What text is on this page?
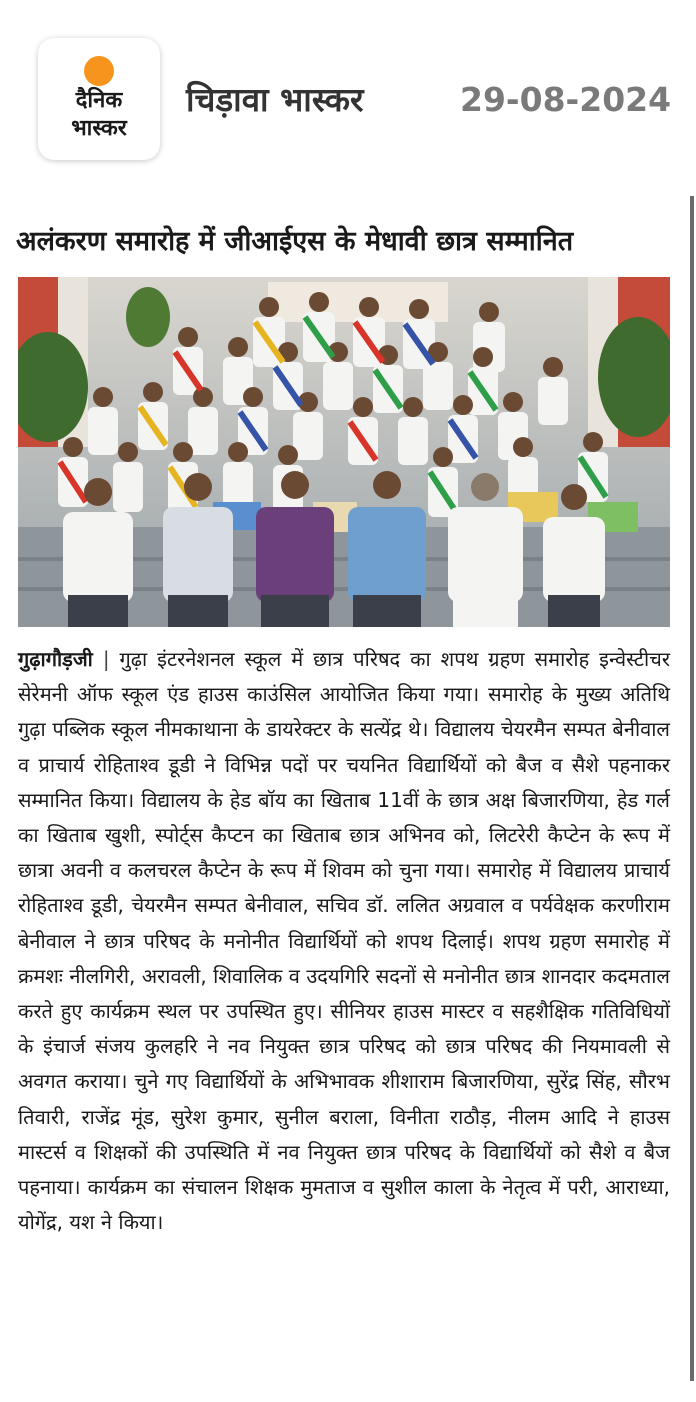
दैनिक
भास्कर
चिड़ावा भास्कर	29-08-2024
अलंकरण समारोह में जीआईएस के मेधावी छात्र सम्मानित
गुढ़ागौड़जी | गुढ़ा इंटरनेशनल स्कूल में छात्र परिषद का शपथ ग्रहण समारोह इन्वेस्टीचर सेरेमनी ऑफ स्कूल एंड हाउस काउंसिल आयोजित किया गया। समारोह के मुख्य अतिथि गुढ़ा पब्लिक स्कूल नीमकाथाना के डायरेक्टर के सत्येंद्र थे। विद्यालय चेयरमैन सम्पत बेनीवाल व प्राचार्य रोहिताश्व डूडी ने विभिन्न पदों पर चयनित विद्यार्थियों को बैज व सैशे पहनाकर सम्मानित किया। विद्यालय के हेड बॉय का खिताब 11वीं के छात्र अक्ष बिजारणिया, हेड गर्ल का खिताब खुशी, स्पोर्ट्स कैप्टन का खिताब छात्र अभिनव को, लिटरेरी कैप्टेन के रूप में छात्रा अवनी व कलचरल कैप्टेन के रूप में शिवम को चुना गया। समारोह में विद्यालय प्राचार्य रोहिताश्व डूडी, चेयरमैन सम्पत बेनीवाल, सचिव डॉ. ललित अग्रवाल व पर्यवेक्षक करणीराम बेनीवाल ने छात्र परिषद के मनोनीत विद्यार्थियों को शपथ दिलाई। शपथ ग्रहण समारोह में क्रमशः नीलगिरी, अरावली, शिवालिक व उदयगिरि सदनों से मनोनीत छात्र शानदार कदमताल करते हुए कार्यक्रम स्थल पर उपस्थित हुए। सीनियर हाउस मास्टर व सहशैक्षिक गतिविधियों के इंचार्ज संजय कुलहरि ने नव नियुक्त छात्र परिषद को छात्र परिषद की नियमावली से अवगत कराया। चुने गए विद्यार्थियों के अभिभावक शीशाराम बिजारणिया, सुरेंद्र सिंह, सौरभ तिवारी, राजेंद्र मूंड, सुरेश कुमार, सुनील बराला, विनीता राठौड़, नीलम आदि ने हाउस मास्टर्स व शिक्षकों की उपस्थिति में नव नियुक्त छात्र परिषद के विद्यार्थियों को सैशे व बैज पहनाया। कार्यक्रम का संचालन शिक्षक मुमताज व सुशील काला के नेतृत्व में परी, आराध्या, योगेंद्र, यश ने किया।
